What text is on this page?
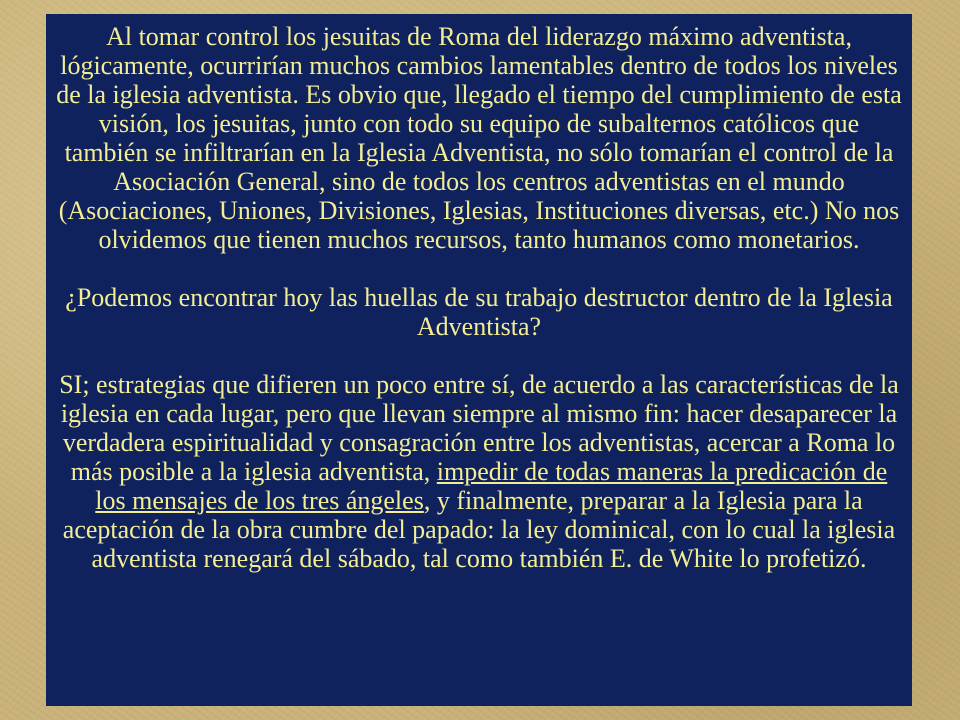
Al tomar control los jesuitas de Roma del liderazgo máximo adventista, lógicamente, ocurrirían muchos cambios lamentables dentro de todos los niveles de la iglesia adventista. Es obvio que, llegado el tiempo del cumplimiento de esta visión, los jesuitas, junto con todo su equipo de subalternos católicos que también se infiltrarían en la Iglesia Adventista, no sólo tomarían el control de la Asociación General, sino de todos los centros adventistas en el mundo (Asociaciones, Uniones, Divisiones, Iglesias, Instituciones diversas, etc.) No nos olvidemos que tienen muchos recursos, tanto humanos como monetarios.

¿Podemos encontrar hoy las huellas de su trabajo destructor dentro de la Iglesia Adventista?

SI; estrategias que difieren un poco entre sí, de acuerdo a las características de la iglesia en cada lugar, pero que llevan siempre al mismo fin: hacer desaparecer la verdadera espiritualidad y consagración entre los adventistas, acercar a Roma lo más posible a la iglesia adventista, impedir de todas maneras la predicación de los mensajes de los tres ángeles, y finalmente, preparar a la Iglesia para la aceptación de la obra cumbre del papado: la ley dominical, con lo cual la iglesia adventista renegará del sábado, tal como también E. de White lo profetizó.
